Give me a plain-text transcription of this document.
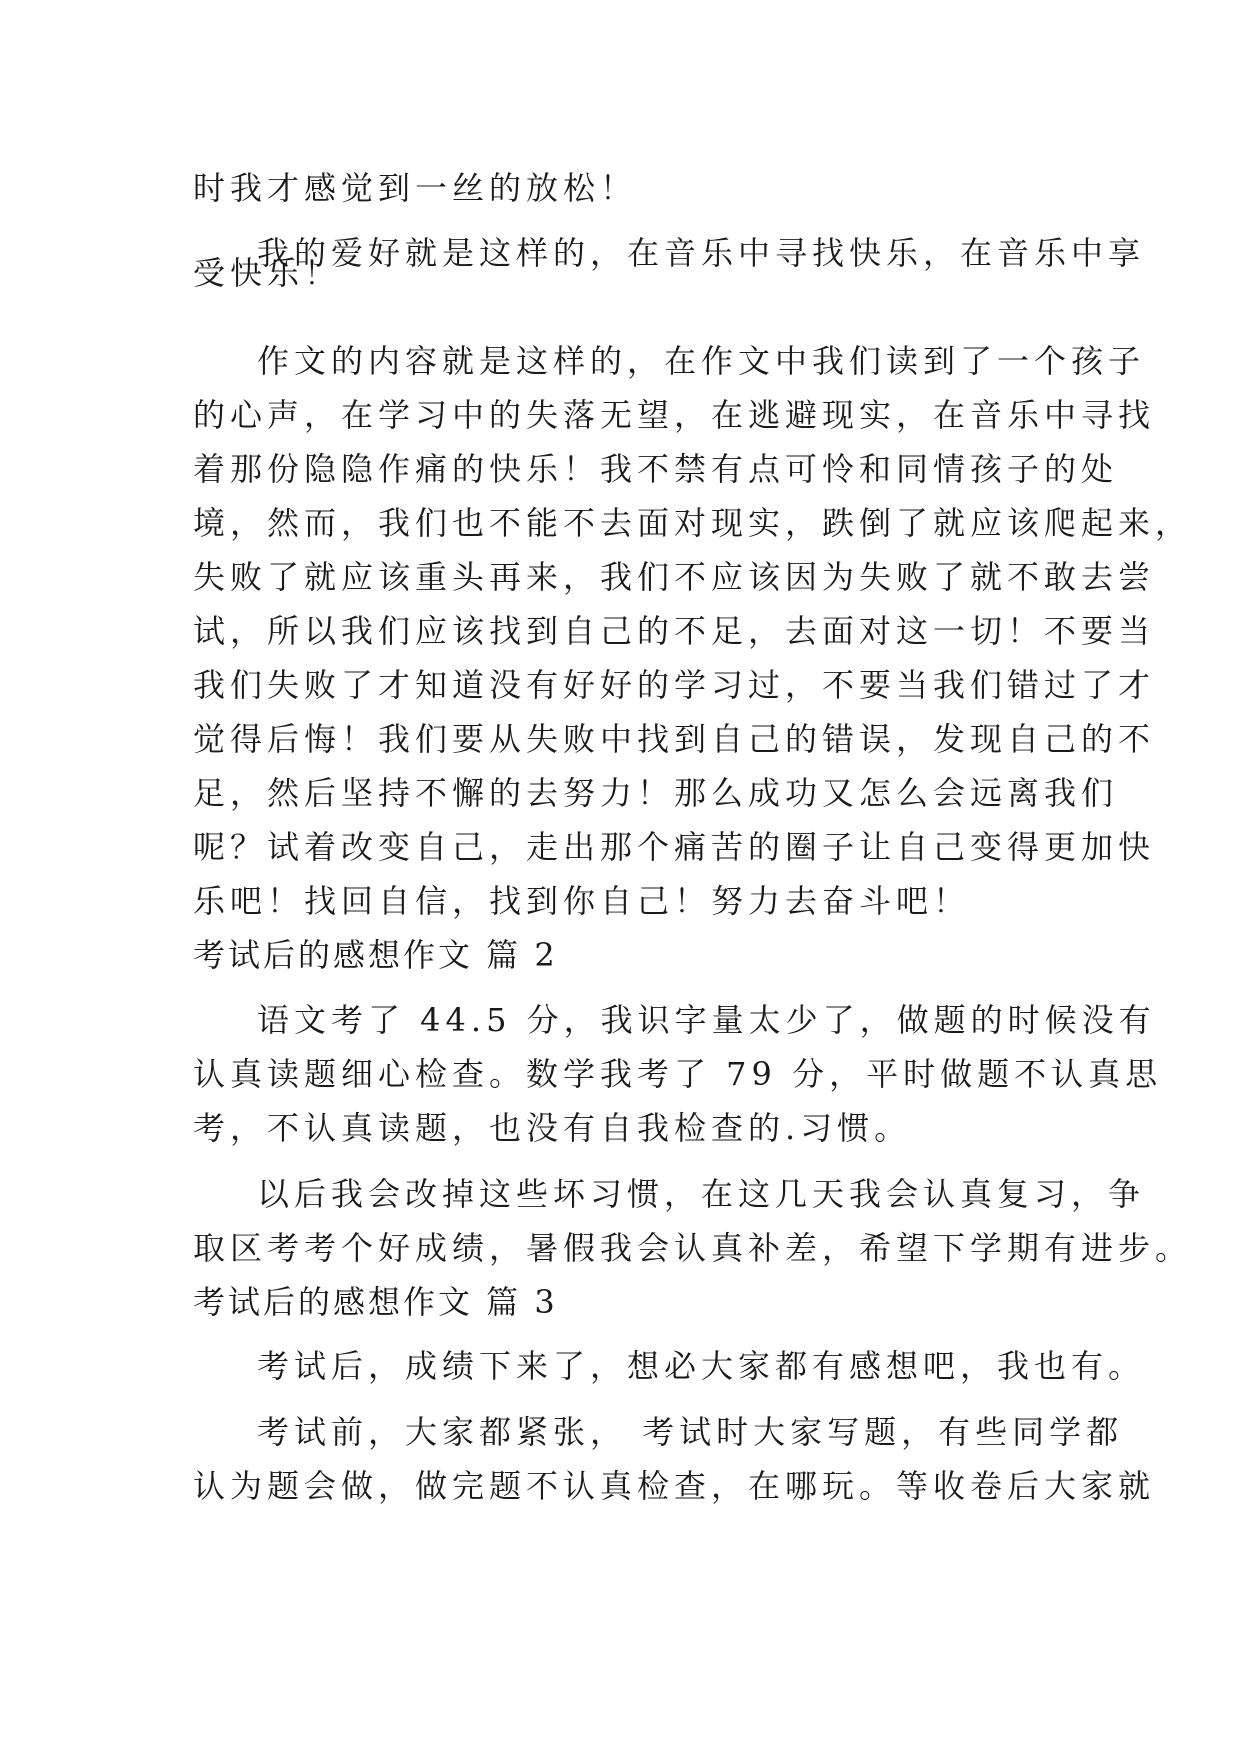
时我才感觉到一丝的放松！
我的爱好就是这样的，在音乐中寻找快乐，在音乐中享
受快乐！
作文的内容就是这样的，在作文中我们读到了一个孩子
的心声，在学习中的失落无望，在逃避现实，在音乐中寻找
着那份隐隐作痛的快乐！我不禁有点可怜和同情孩子的处
境，然而，我们也不能不去面对现实，跌倒了就应该爬起来，
失败了就应该重头再来，我们不应该因为失败了就不敢去尝
试，所以我们应该找到自己的不足，去面对这一切！不要当
我们失败了才知道没有好好的学习过，不要当我们错过了才
觉得后悔！我们要从失败中找到自己的错误，发现自己的不
足，然后坚持不懈的去努力！那么成功又怎么会远离我们
呢？试着改变自己，走出那个痛苦的圈子让自己变得更加快
乐吧！找回自信，找到你自己！努力去奋斗吧！
考试后的感想作文 篇 2
语文考了 44.5 分，我识字量太少了，做题的时候没有
认真读题细心检查。数学我考了 79 分，平时做题不认真思
考，不认真读题，也没有自我检查的.习惯。
以后我会改掉这些坏习惯，在这几天我会认真复习，争
取区考考个好成绩，暑假我会认真补差，希望下学期有进步。
考试后的感想作文 篇 3
考试后，成绩下来了，想必大家都有感想吧，我也有。
考试前，大家都紧张， 考试时大家写题，有些同学都
认为题会做，做完题不认真检查，在哪玩。等收卷后大家就
